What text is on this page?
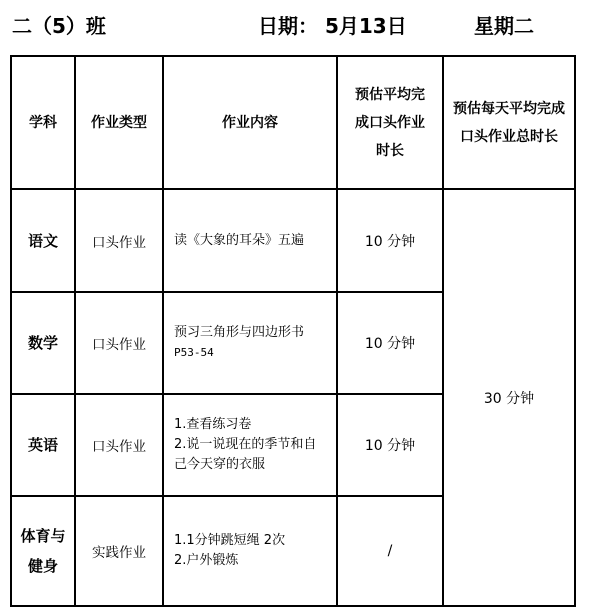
二（5）班	日期： 5月13日	星期二
学科	作业类型	作业内容	预估平均完
成口头作业
时长	预估每天平均完成
口头作业总时长

语文	口头作业	读《大象的耳朵》五遍	10 分钟	30 分钟

数学	口头作业	预习三角形与四边形书
P53-54	10 分钟	

英语	口头作业	1.查看练习卷
2.说一说现在的季节和自
己今天穿的衣服	10 分钟	

体育与
健身	实践作业	1.1分钟跳短绳 2次
2.户外锻炼	/	
